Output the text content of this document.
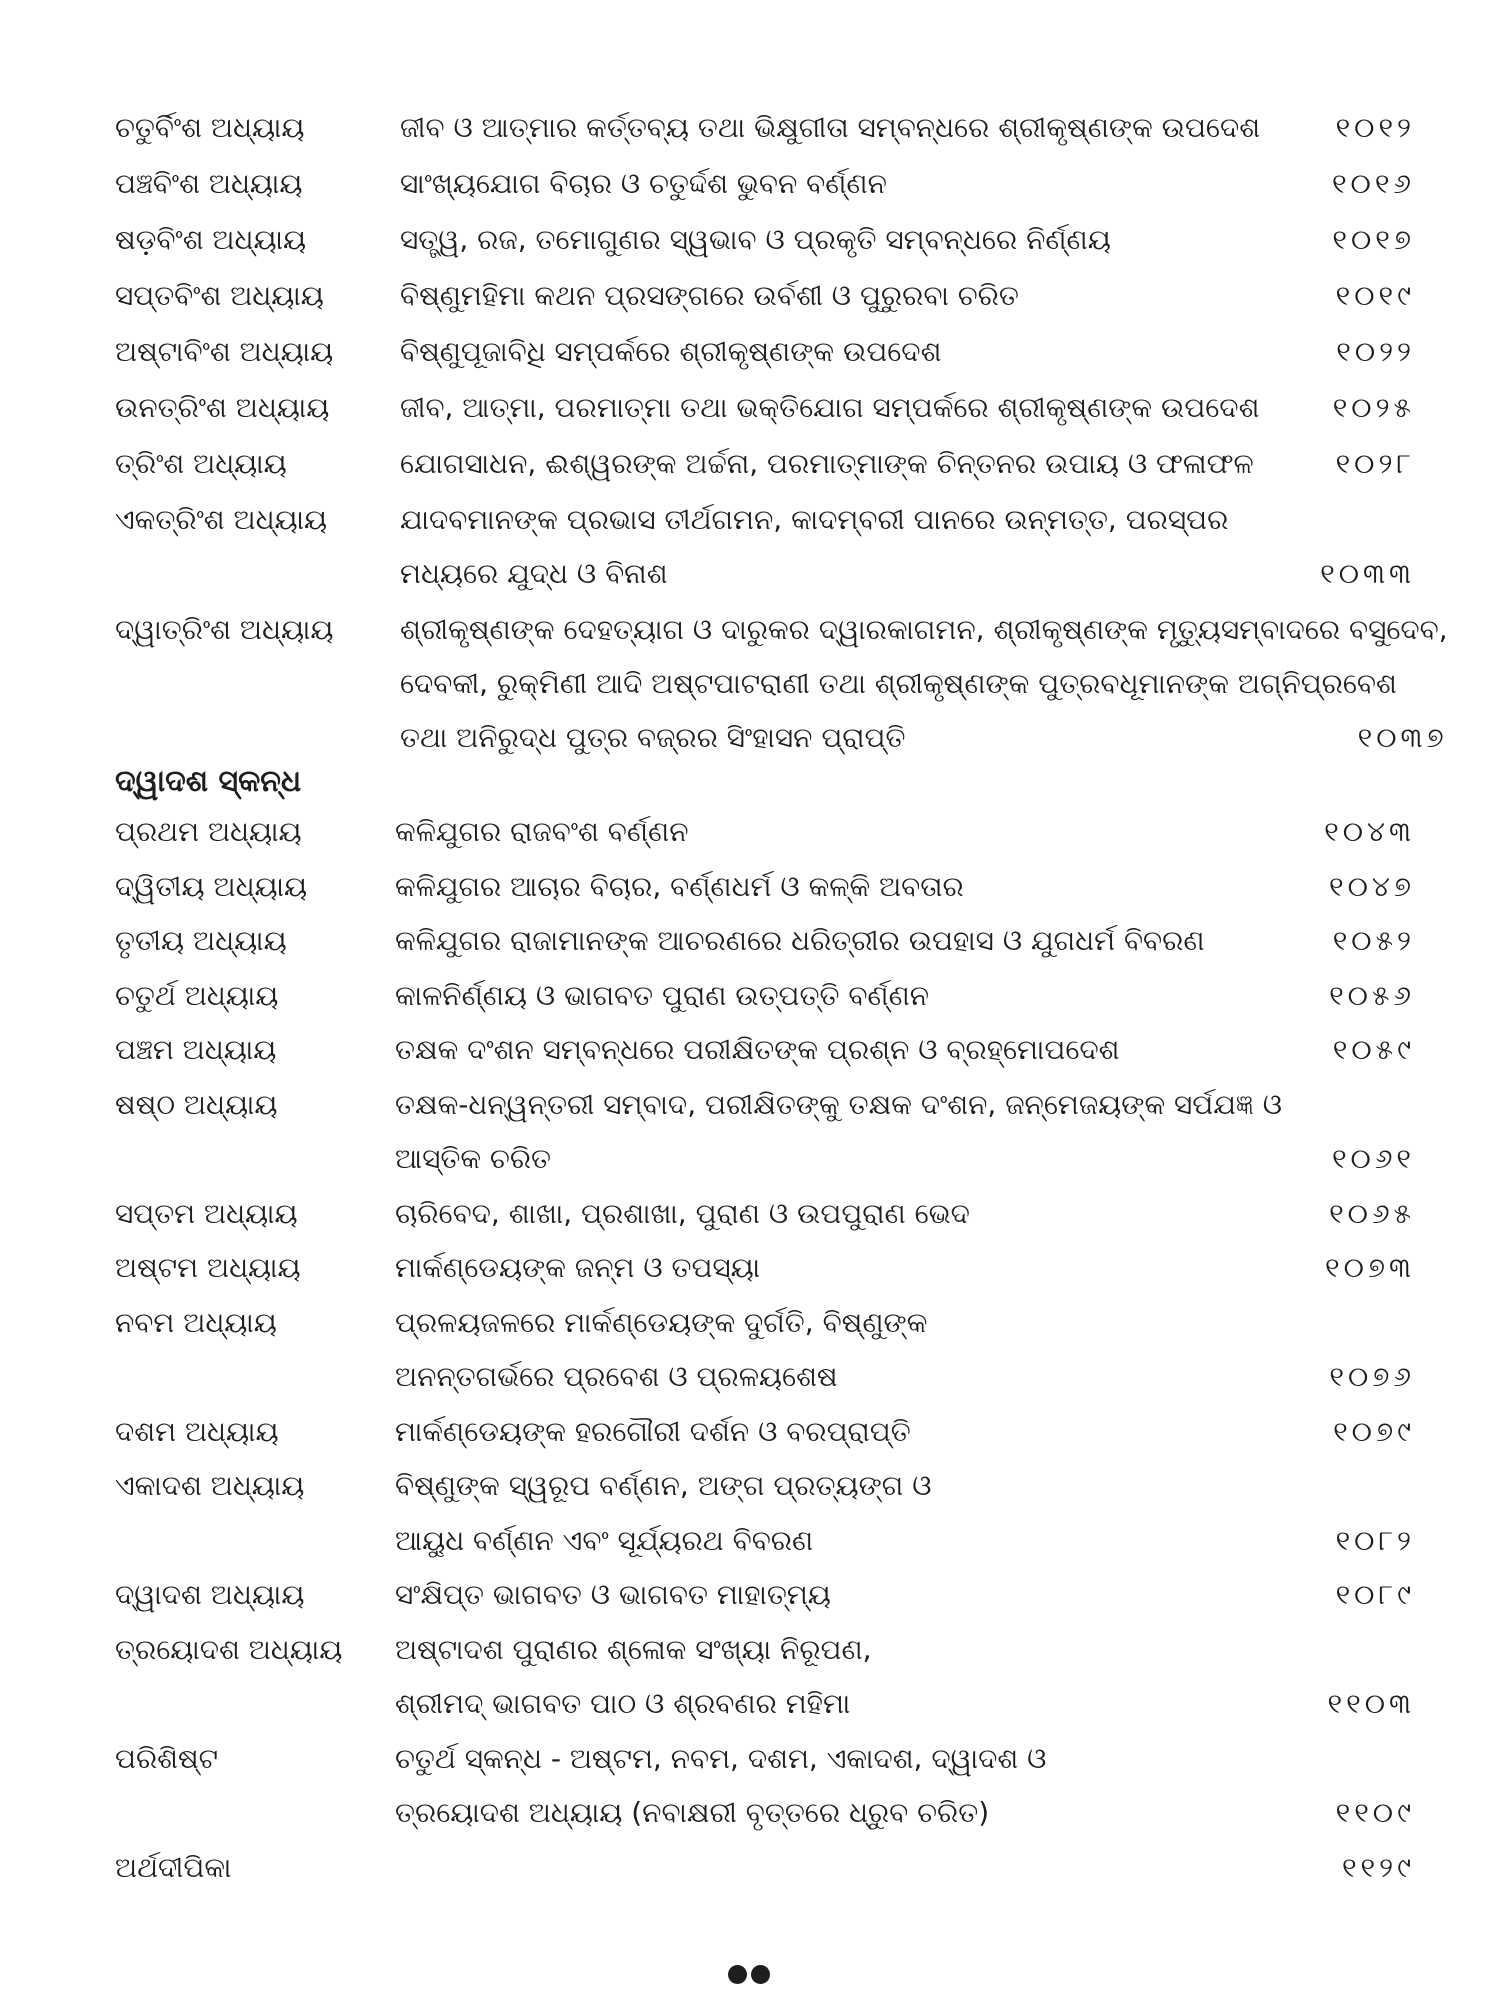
ଚତୁର୍ବିଂଶ ଅଧ୍ୟାୟ	ଜୀବ ଓ ଆତ୍ମାର କର୍ତ୍ତବ୍ୟ ତଥା ଭିକ୍ଷୁଗୀତା ସମ୍ବନ୍ଧରେ ଶ୍ରୀକୃଷ୍ଣଙ୍କ ଉପଦେଶ	୧୦୧୨
ପଞ୍ଚବିଂଶ ଅଧ୍ୟାୟ	ସାଂଖ୍ୟଯୋଗ ବିଚାର ଓ ଚତୁର୍ଦ୍ଦଶ ଭୁବନ ବର୍ଣ୍ଣନ	୧୦୧୬
ଷଡ଼ବିଂଶ ଅଧ୍ୟାୟ	ସତ୍ତ୍ୱ, ରଜ, ତମୋଗୁଣର ସ୍ୱଭାବ ଓ ପ୍ରକୃତି ସମ୍ବନ୍ଧରେ ନିର୍ଣ୍ଣୟ	୧୦୧୭
ସପ୍ତବିଂଶ ଅଧ୍ୟାୟ	ବିଷ୍ଣୁମହିମା କଥନ ପ୍ରସଙ୍ଗରେ ଉର୍ବଶୀ ଓ ପୁରୁରବା ଚରିତ	୧୦୧୯
ଅଷ୍ଟାବିଂଶ ଅଧ୍ୟାୟ	ବିଷ୍ଣୁପୂଜାବିଧି ସମ୍ପର୍କରେ ଶ୍ରୀକୃଷ୍ଣଙ୍କ ଉପଦେଶ	୧୦୨୨
ଉନତ୍ରିଂଶ ଅଧ୍ୟାୟ	ଜୀବ, ଆତ୍ମା, ପରମାତ୍ମା ତଥା ଭକ୍ତିଯୋଗ ସମ୍ପର୍କରେ ଶ୍ରୀକୃଷ୍ଣଙ୍କ ଉପଦେଶ	୧୦୨୫
ତ୍ରିଂଶ ଅଧ୍ୟାୟ	ଯୋଗସାଧନ, ଈଶ୍ୱରଙ୍କ ଅର୍ଚ୍ଚନା, ପରମାତ୍ମାଙ୍କ ଚିନ୍ତନର ଉପାୟ ଓ ଫଳାଫଳ	୧୦୨୮
ଏକତ୍ରିଂଶ ଅଧ୍ୟାୟ	ଯାଦବମାନଙ୍କ ପ୍ରଭାସ ତୀର୍ଥଗମନ, କାଦମ୍ବରୀ ପାନରେ ଉନ୍ମତ୍ତ, ପରସ୍ପର
ମଧ୍ୟରେ ଯୁଦ୍ଧ ଓ ବିନାଶ	୧୦୩୩
ଦ୍ୱାତ୍ରିଂଶ ଅଧ୍ୟାୟ	ଶ୍ରୀକୃଷ୍ଣଙ୍କ ଦେହତ୍ୟାଗ ଓ ଦାରୁକର ଦ୍ୱାରକାଗମନ, ଶ୍ରୀକୃଷ୍ଣଙ୍କ ମୃତ୍ୟୁସମ୍ବାଦରେ ବସୁଦେବ,
ଦେବକୀ, ରୁକ୍ମିଣୀ ଆଦି ଅଷ୍ଟପାଟରାଣୀ ତଥା ଶ୍ରୀକୃଷ୍ଣଙ୍କ ପୁତ୍ରବଧୂମାନଙ୍କ ଅଗ୍ନିପ୍ରବେଶ
ତଥା ଅନିରୁଦ୍ଧ ପୁତ୍ର ବଜ୍ରର ସିଂହାସନ ପ୍ରାପ୍ତି	୧୦୩୭
ଦ୍ୱାଦଶ ସ୍କନ୍ଧ
ପ୍ରଥମ ଅଧ୍ୟାୟ	କଳିଯୁଗର ରାଜବଂଶ ବର୍ଣ୍ଣନ	୧୦୪୩
ଦ୍ୱିତୀୟ ଅଧ୍ୟାୟ	କଳିଯୁଗର ଆଚାର ବିଚାର, ବର୍ଣ୍ଣଧର୍ମ ଓ କଳ୍କି ଅବତାର	୧୦୪୭
ତୃତୀୟ ଅଧ୍ୟାୟ	କଳିଯୁଗର ରାଜାମାନଙ୍କ ଆଚରଣରେ ଧରିତ୍ରୀର ଉପହାସ ଓ ଯୁଗଧର୍ମ ବିବରଣ	୧୦୫୨
ଚତୁର୍ଥ ଅଧ୍ୟାୟ	କାଳନିର୍ଣ୍ଣୟ ଓ ଭାଗବତ ପୁରାଣ ଉତ୍ପତ୍ତି ବର୍ଣ୍ଣନ	୧୦୫୬
ପଞ୍ଚମ ଅଧ୍ୟାୟ	ତକ୍ଷକ ଦଂଶନ ସମ୍ବନ୍ଧରେ ପରୀକ୍ଷିତଙ୍କ ପ୍ରଶ୍ନ ଓ ବ୍ରହ୍ମୋପଦେଶ	୧୦୫୯
ଷଷ୍ଠ ଅଧ୍ୟାୟ	ତକ୍ଷକ-ଧନ୍ୱନ୍ତରୀ ସମ୍ବାଦ, ପରୀକ୍ଷିତଙ୍କୁ ତକ୍ଷକ ଦଂଶନ, ଜନ୍ମେଜୟଙ୍କ ସର୍ପଯଜ୍ଞ ଓ
ଆସ୍ତିକ ଚରିତ	୧୦୬୧
ସପ୍ତମ ଅଧ୍ୟାୟ	ଚାରିବେଦ, ଶାଖା, ପ୍ରଶାଖା, ପୁରାଣ ଓ ଉପପୁରାଣ ଭେଦ	୧୦୬୫
ଅଷ୍ଟମ ଅଧ୍ୟାୟ	ମାର୍କଣ୍ଡେୟଙ୍କ ଜନ୍ମ ଓ ତପସ୍ୟା	୧୦୭୩
ନବମ ଅଧ୍ୟାୟ	ପ୍ରଳୟଜଳରେ ମାର୍କଣ୍ଡେୟଙ୍କ ଦୁର୍ଗତି, ବିଷ୍ଣୁଙ୍କ
ଅନନ୍ତଗର୍ଭରେ ପ୍ରବେଶ ଓ ପ୍ରଳୟଶେଷ	୧୦୭୬
ଦଶମ ଅଧ୍ୟାୟ	ମାର୍କଣ୍ଡେୟଙ୍କ ହରଗୌରୀ ଦର୍ଶନ ଓ ବରପ୍ରାପ୍ତି	୧୦୭୯
ଏକାଦଶ ଅଧ୍ୟାୟ	ବିଷ୍ଣୁଙ୍କ ସ୍ୱରୂପ ବର୍ଣ୍ଣନ, ଅଙ୍ଗ ପ୍ରତ୍ୟଙ୍ଗ ଓ
ଆୟୁଧ ବର୍ଣ୍ଣନ ଏବଂ ସୂର୍ଯ୍ୟରଥ ବିବରଣ	୧୦୮୨
ଦ୍ୱାଦଶ ଅଧ୍ୟାୟ	ସଂକ୍ଷିପ୍ତ ଭାଗବତ ଓ ଭାଗବତ ମାହାତ୍ମ୍ୟ	୧୦୮୯
ତ୍ରୟୋଦଶ ଅଧ୍ୟାୟ	ଅଷ୍ଟାଦଶ ପୁରାଣର ଶ୍ଳୋକ ସଂଖ୍ୟା ନିରୂପଣ,
ଶ୍ରୀମଦ୍ ଭାଗବତ ପାଠ ଓ ଶ୍ରବଣର ମହିମା	୧୧୦୩
ପରିଶିଷ୍ଟ	ଚତୁର୍ଥ ସ୍କନ୍ଧ - ଅଷ୍ଟମ, ନବମ, ଦଶମ, ଏକାଦଶ, ଦ୍ୱାଦଶ ଓ
ତ୍ରୟୋଦଶ ଅଧ୍ୟାୟ (ନବାକ୍ଷରୀ ବୃତ୍ତରେ ଧ୍ରୁବ ଚରିତ)	୧୧୦୯
ଅର୍ଥଦୀପିକା	୧୧୨୯
